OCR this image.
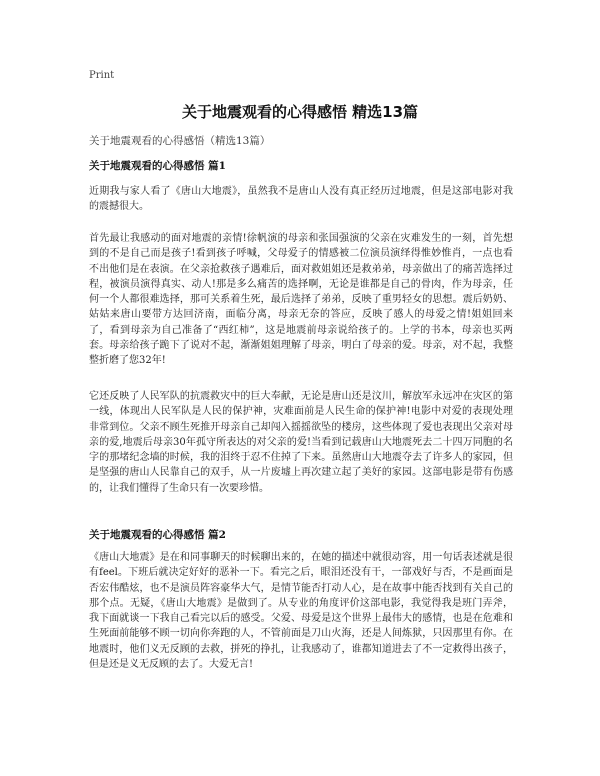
Print
关于地震观看的心得感悟 精选13篇

关于地震观看的心得感悟（精选13篇）

关于地震观看的心得感悟 篇1

近期我与家人看了《唐山大地震》，虽然我不是唐山人没有真正经历过地震，但是这部电影对我的震撼很大。

首先最让我感动的面对地震的亲情!徐帆演的母亲和张国强演的父亲在灾难发生的一刻，首先想到的不是自己而是孩子!看到孩子呼喊，父母爱子的情感被二位演员演绎得惟妙惟肖，一点也看不出他们是在表演。在父亲抢救孩子遇难后，面对救姐姐还是救弟弟，母亲做出了的痛苦选择过程，被演员演得真实、动人!那是多么痛苦的选择啊，无论是谁都是自己的骨肉，作为母亲，任何一个人都很难选择，那可关系着生死，最后选择了弟弟，反映了重男轻女的思想。震后奶奶、姑姑来唐山要带方达回济南，面临分离，母亲无奈的答应，反映了感人的母爱之情!姐姐回来了，看到母亲为自己准备了“西红柿”，这是地震前母亲说给孩子的。上学的书本，母亲也买两套。母亲给孩子跪下了说对不起，渐渐姐姐理解了母亲，明白了母亲的爱。母亲，对不起，我整整折磨了您32年!

它还反映了人民军队的抗震救灾中的巨大奉献，无论是唐山还是汶川，解放军永远冲在灾区的第一线，体现出人民军队是人民的保护神，灾难面前是人民生命的保护神!电影中对爱的表现处理非常到位。父亲不顾生死推开母亲自己却闯入摇摇欲坠的楼房，这些体现了爱也表现出父亲对母亲的爱,地震后母亲30年孤守所表达的对父亲的爱!当看到记载唐山大地震死去二十四万同胞的名字的那堵纪念墙的时候，我的泪终于忍不住掉了下来。虽然唐山大地震夺去了许多人的家园，但是坚强的唐山人民靠自己的双手，从一片废墟上再次建立起了美好的家园。这部电影是带有伤感的，让我们懂得了生命只有一次要珍惜。

关于地震观看的心得感悟 篇2

《唐山大地震》是在和同事聊天的时候聊出来的，在她的描述中就很动容，用一句话表述就是很有feel。下班后就决定好好的恶补一下。看完之后，眼泪还没有干，一部戏好与否，不是画面是否宏伟酷炫，也不是演员阵容豪华大气，是情节能否打动人心，是在故事中能否找到有关自己的那个点。无疑，《唐山大地震》是做到了。从专业的角度评价这部电影，我觉得我是班门弄斧，我下面就谈一下我自己看完以后的感受。父爱、母爱是这个世界上最伟大的感情，也是在危难和生死面前能够不顾一切向你奔跑的人，不管前面是刀山火海，还是人间炼狱，只因那里有你。在地震时，他们义无反顾的去救，拼死的挣扎，让我感动了，谁都知道进去了不一定救得出孩子，但是还是义无反顾的去了。大爱无言!
